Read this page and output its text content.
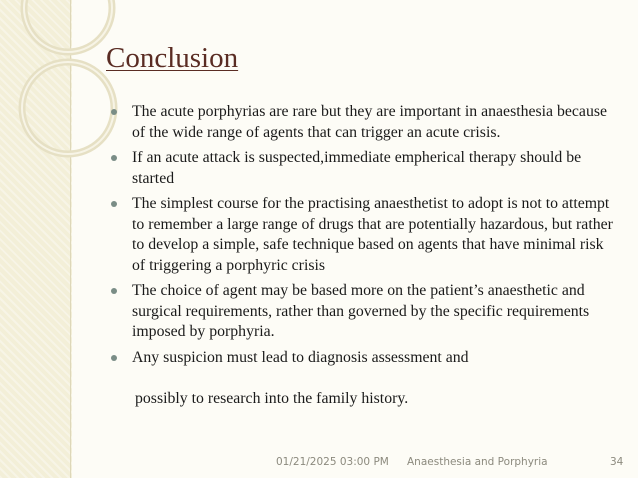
Conclusion
The acute porphyrias are rare but they are important in anaesthesia because of the wide range of agents that can trigger an acute crisis.
If an acute attack is suspected,immediate empherical therapy should be started
The simplest course for the practising anaesthetist to adopt is not to attempt to remember a large range of drugs that are potentially hazardous, but rather to develop a simple, safe technique based on agents that have minimal risk of triggering a porphyric crisis
The choice of agent may be based more on the patient’s anaesthetic and surgical requirements, rather than governed by the specific requirements imposed by porphyria.
Any suspicion must lead to diagnosis assessment and
possibly to research into the family history.
01/21/2025 03:00 PM Anaesthesia and Porphyria	34
